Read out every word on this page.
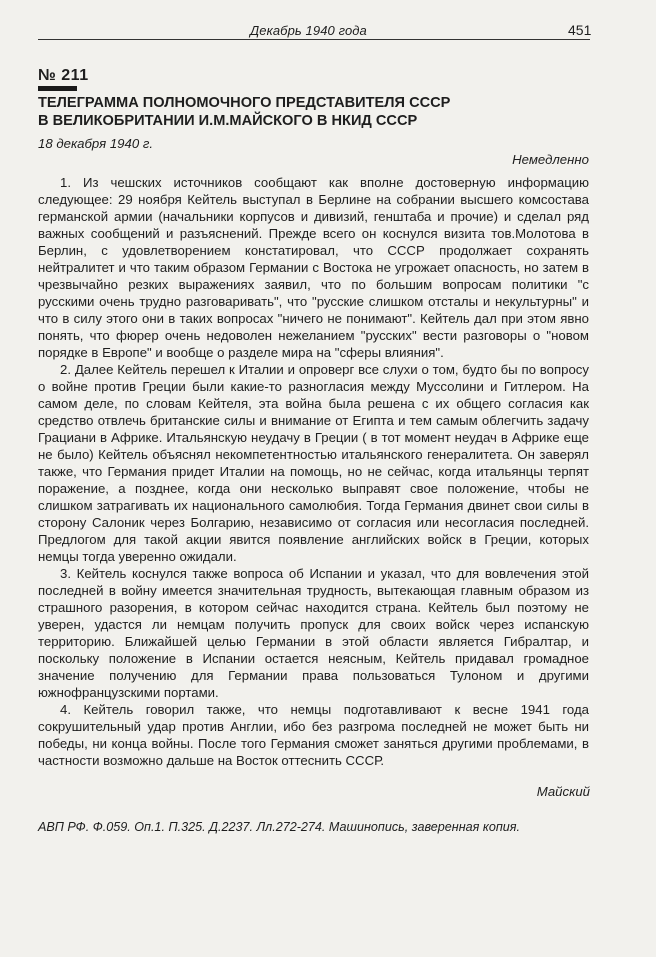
Декабрь 1940 года	451
№ 211
ТЕЛЕГРАММА ПОЛНОМОЧНОГО ПРЕДСТАВИТЕЛЯ СССР
В ВЕЛИКОБРИТАНИИ И.М.МАЙСКОГО В НКИД СССР
18 декабря 1940 г.
Немедленно

1. Из чешских источников сообщают как вполне достоверную информацию следующее: 29 ноября Кейтель выступал в Берлине на собрании высшего комсостава германской армии (начальники корпусов и дивизий, генштаба и прочие) и сделал ряд важных сообщений и разъяснений. Прежде всего он коснулся визита тов.Молотова в Берлин, с удовлетворением констатировал, что СССР продолжает сохранять нейтралитет и что таким образом Германии с Востока не угрожает опасность, но затем в чрезвычайно резких выражениях заявил, что по большим вопросам политики "с русскими очень трудно разговаривать", что "русские слишком отсталы и некультурны" и что в силу этого они в таких вопросах "ничего не понимают". Кейтель дал при этом явно понять, что фюрер очень недоволен нежеланием "русских" вести разговоры о "новом порядке в Европе" и вообще о разделе мира на "сферы влияния".

2. Далее Кейтель перешел к Италии и опроверг все слухи о том, будто бы по вопросу о войне против Греции были какие-то разногласия между Муссолини и Гитлером. На самом деле, по словам Кейтеля, эта война была решена с их общего согласия как средство отвлечь британские силы и внимание от Египта и тем самым облегчить задачу Грациани в Африке. Итальянскую неудачу в Греции ( в тот момент неудач в Африке еще не было) Кейтель объяснял некомпетентностью итальянского генералитета. Он заверял также, что Германия придет Италии на помощь, но не сейчас, когда итальянцы терпят поражение, а позднее, когда они несколько выправят свое положение, чтобы не слишком затрагивать их национального самолюбия. Тогда Германия двинет свои силы в сторону Салоник через Болгарию, независимо от согласия или несогласия последней. Предлогом для такой акции явится появление английских войск в Греции, которых немцы тогда уверенно ожидали.

3. Кейтель коснулся также вопроса об Испании и указал, что для вовлечения этой последней в войну имеется значительная трудность, вытекающая главным образом из страшного разорения, в котором сейчас находится страна. Кейтель был поэтому не уверен, удастся ли немцам получить пропуск для своих войск через испанскую территорию. Ближайшей целью Германии в этой области является Гибралтар, и поскольку положение в Испании остается неясным, Кейтель придавал громадное значение получению для Германии права пользоваться Тулоном и другими южнофранцузскими портами.

4. Кейтель говорил также, что немцы подготавливают к весне 1941 года сокрушительный удар против Англии, ибо без разгрома последней не может быть ни победы, ни конца войны. После того Германия сможет заняться другими проблемами, в частности возможно дальше на Восток оттеснить СССР.

Майский
АВП РФ. Ф.059. Оп.1. П.325. Д.2237. Лл.272-274. Машинопись, заверенная копия.
